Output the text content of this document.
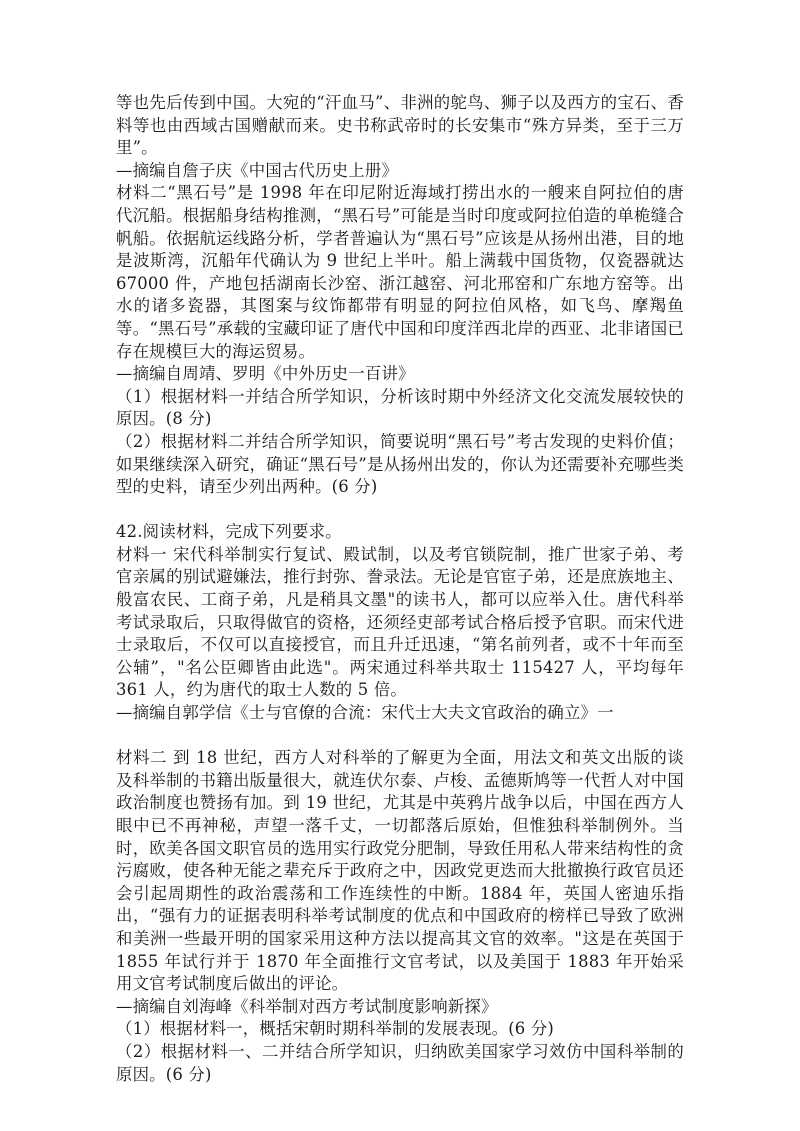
等也先后传到中国。大宛的“汗血马”、非洲的鸵鸟、狮子以及西方的宝石、香料等也由西域古国赠献而来。史书称武帝时的长安集市“殊方异类，至于三万里”。

—摘编自詹子庆《中国古代历史上册》

材料二“黑石号”是 1998 年在印尼附近海域打捞出水的一艘来自阿拉伯的唐代沉船。根据船身结构推测，“黑石号”可能是当时印度或阿拉伯造的单桅缝合帆船。依据航运线路分析，学者普遍认为“黑石号”应该是从扬州出港，目的地是波斯湾，沉船年代确认为 9 世纪上半叶。船上满载中国货物，仅瓷器就达 67000 件，产地包括湖南长沙窑、浙江越窑、河北邢窑和广东地方窑等。出水的诸多瓷器，其图案与纹饰都带有明显的阿拉伯风格，如飞鸟、摩羯鱼等。“黑石号”承载的宝藏印证了唐代中国和印度洋西北岸的西亚、北非诸国已存在规模巨大的海运贸易。

—摘编自周靖、罗明《中外历史一百讲》

（1）根据材料一并结合所学知识，分析该时期中外经济文化交流发展较快的原因。(8 分)

（2）根据材料二并结合所学知识，简要说明“黑石号”考古发现的史料价值；如果继续深入研究，确证“黑石号”是从扬州出发的，你认为还需要补充哪些类型的史料，请至少列出两种。(6 分)

42.阅读材料，完成下列要求。

材料一 宋代科举制实行复试、殿试制，以及考官锁院制，推广世家子弟、考官亲属的别试避嫌法，推行封弥、誊录法。无论是官宦子弟，还是庶族地主、般富农民、工商子弟，凡是稍具文墨"的读书人，都可以应举入仕。唐代科举考试录取后，只取得做官的资格，还须经吏部考试合格后授予官职。而宋代进士录取后，不仅可以直接授官，而且升迁迅速，“第名前列者，或不十年而至公辅”，"名公臣卿皆由此选"。两宋通过科举共取士 115427 人，平均每年 361 人，约为唐代的取士人数的 5 倍。

—摘编自郭学信《士与官僚的合流：宋代士大夫文官政治的确立》一

材料二 到 18 世纪，西方人对科举的了解更为全面，用法文和英文出版的谈及科举制的书籍出版量很大，就连伏尔泰、卢梭、孟德斯鸠等一代哲人对中国政治制度也赞扬有加。到 19 世纪，尤其是中英鸦片战争以后，中国在西方人眼中已不再神秘，声望一落千丈，一切都落后原始，但惟独科举制例外。当时，欧美各国文职官员的选用实行政党分肥制，导致任用私人带来结构性的贪污腐败，使各种无能之辈充斥于政府之中，因政党更迭而大批撤换行政官员还会引起周期性的政治震荡和工作连续性的中断。1884 年，英国人密迪乐指出，“强有力的证据表明科举考试制度的优点和中国政府的榜样已导致了欧洲和美洲一些最开明的国家采用这种方法以提高其文官的效率。"这是在英国于 1855 年试行并于 1870 年全面推行文官考试，以及美国于 1883 年开始采用文官考试制度后做出的评论。

—摘编自刘海峰《科举制对西方考试制度影响新探》

（1）根据材料一，概括宋朝时期科举制的发展表现。(6 分)

（2）根据材料一、二并结合所学知识，归纳欧美国家学习效仿中国科举制的原因。(6 分)
